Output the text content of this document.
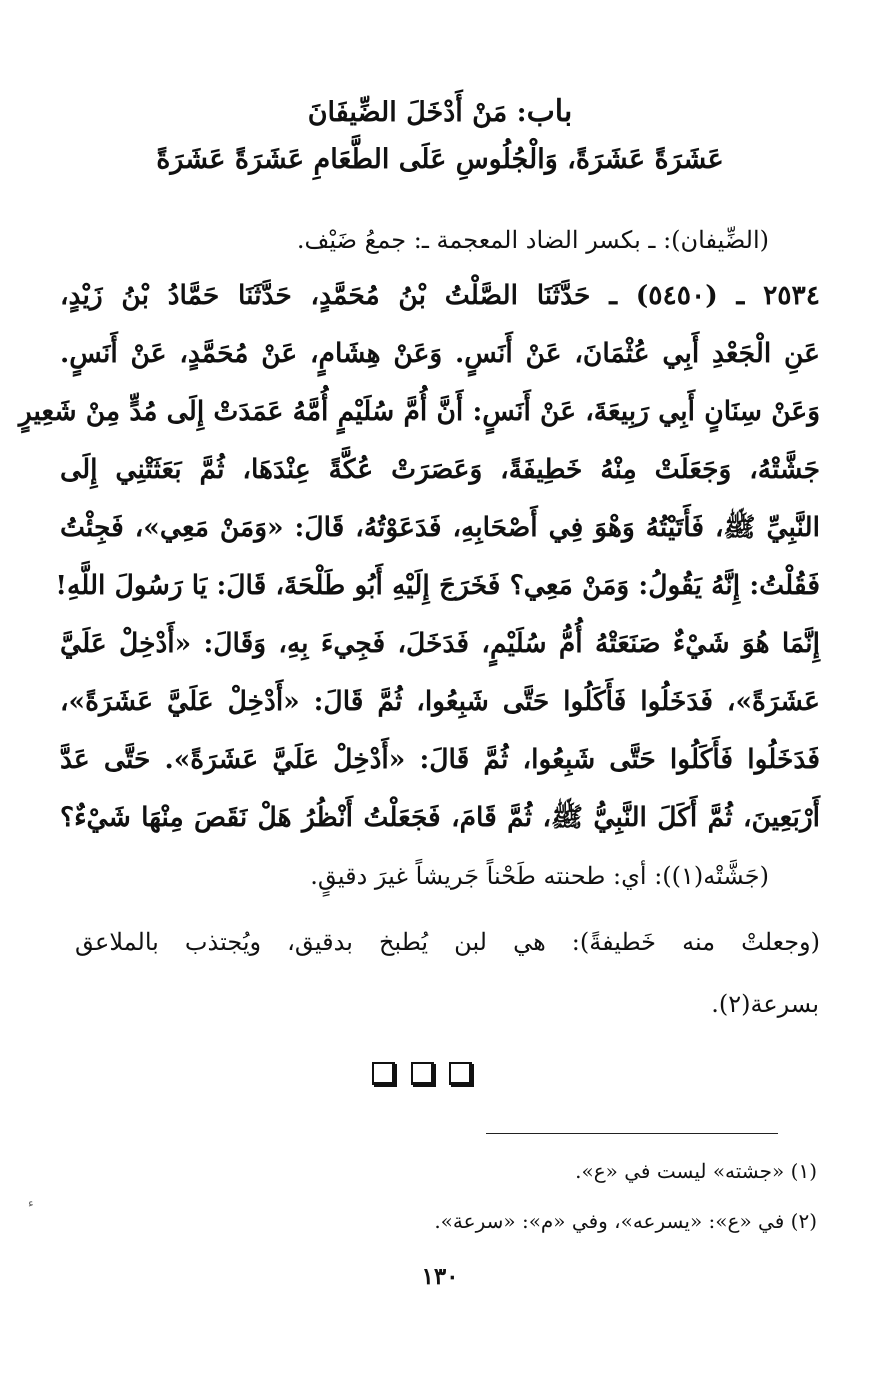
باب: مَنْ أَدْخَلَ الضِّيفَانَ
عَشَرَةً عَشَرَةً، وَالْجُلُوسِ عَلَى الطَّعَامِ عَشَرَةً عَشَرَةً
(الضِّيفان): ـ بكسر الضاد المعجمة ـ: جمعُ ضَيْف.
٢٥٣٤ ـ (٥٤٥٠) ـ حَدَّثَنَا الصَّلْتُ بْنُ مُحَمَّدٍ، حَدَّثَنَا حَمَّادُ بْنُ زَيْدٍ،
عَنِ الْجَعْدِ أَبِي عُثْمَانَ، عَنْ أَنَسٍ. وَعَنْ هِشَامٍ، عَنْ مُحَمَّدٍ، عَنْ أَنَسٍ.
وَعَنْ سِنَانٍ أَبِي رَبِيعَةَ، عَنْ أَنَسٍ: أَنَّ أُمَّ سُلَيْمٍ أُمَّهُ عَمَدَتْ إِلَى مُدٍّ مِنْ شَعِيرٍ
جَشَّتْهُ، وَجَعَلَتْ مِنْهُ خَطِيفَةً، وَعَصَرَتْ عُكَّةً عِنْدَهَا، ثُمَّ بَعَثَتْنِي إِلَى
النَّبِيِّ ﷺ، فَأَتَيْتُهُ وَهْوَ فِي أَصْحَابِهِ، فَدَعَوْتُهُ، قَالَ: «وَمَنْ مَعِي»، فَجِئْتُ
فَقُلْتُ: إِنَّهُ يَقُولُ: وَمَنْ مَعِي؟ فَخَرَجَ إِلَيْهِ أَبُو طَلْحَةَ، قَالَ: يَا رَسُولَ اللَّهِ!
إِنَّمَا هُوَ شَيْءٌ صَنَعَتْهُ أُمُّ سُلَيْمٍ، فَدَخَلَ، فَجِيءَ بِهِ، وَقَالَ: «أَدْخِلْ عَلَيَّ
عَشَرَةً»، فَدَخَلُوا فَأَكَلُوا حَتَّى شَبِعُوا، ثُمَّ قَالَ: «أَدْخِلْ عَلَيَّ عَشَرَةً»،
فَدَخَلُوا فَأَكَلُوا حَتَّى شَبِعُوا، ثُمَّ قَالَ: «أَدْخِلْ عَلَيَّ عَشَرَةً». حَتَّى عَدَّ
أَرْبَعِينَ، ثُمَّ أَكَلَ النَّبِيُّ ﷺ، ثُمَّ قَامَ، فَجَعَلْتُ أَنْظُرُ هَلْ نَقَصَ مِنْهَا شَيْءٌ؟
(جَشَّتْه(١)): أي: طحنته طَحْناً جَريشاً غيرَ دقيقٍ.
(وجعلتْ منه خَطيفةً): هي لبن يُطبخ بدقيق، ويُجتذب بالملاعق
بسرعة(٢).
(١) «جشته» ليست في «ع».
(٢) في «ع»: «يسرعه»، وفي «م»: «سرعة».
١٣٠
ء
